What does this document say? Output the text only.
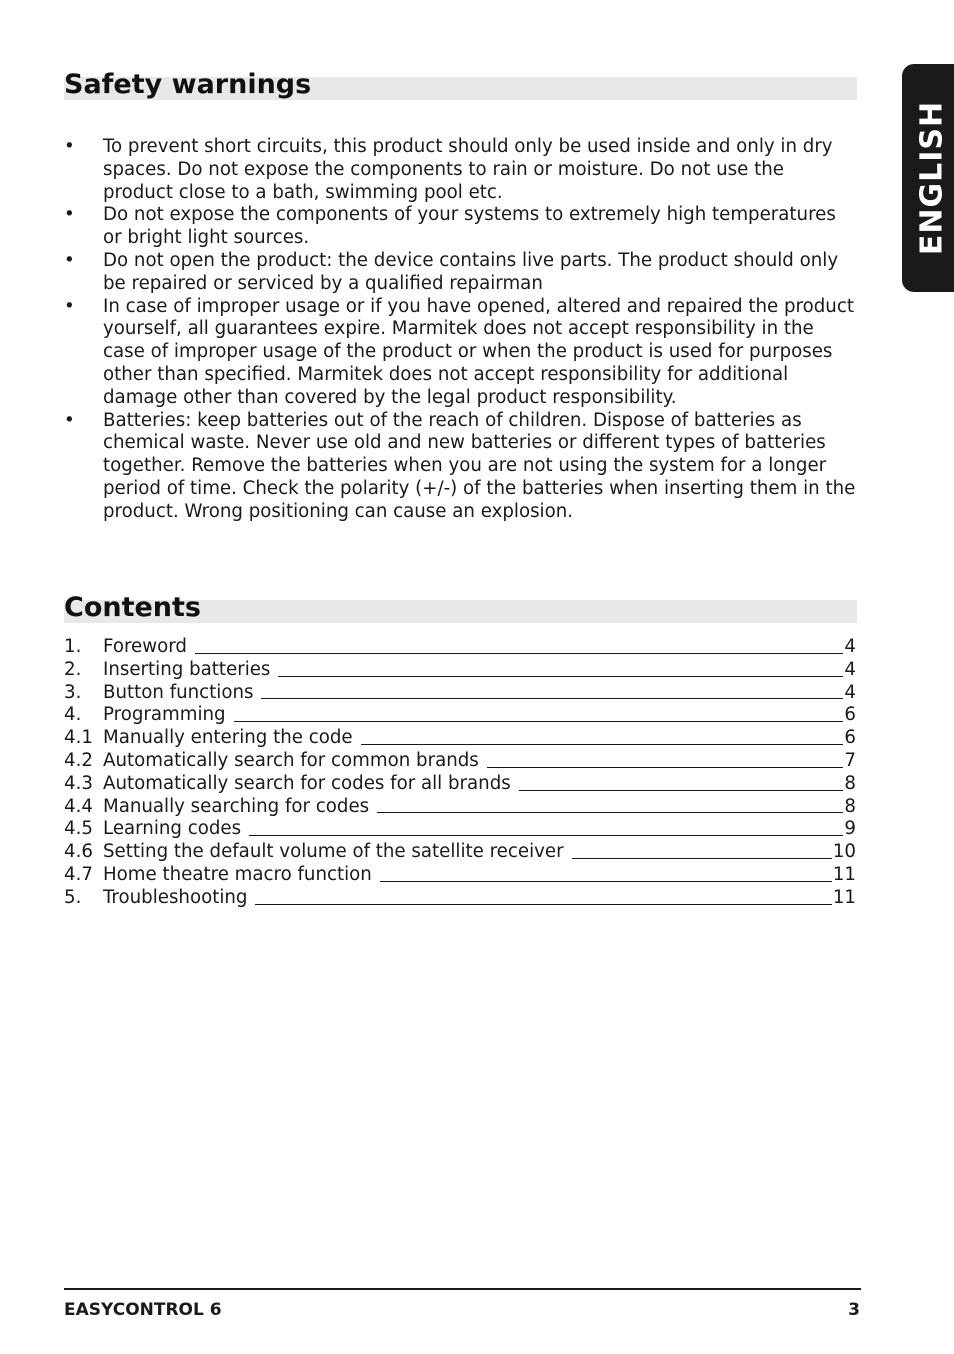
ENGLISH
Safety warnings
• To prevent short circuits, this product should only be used inside and only in dry spaces. Do not expose the components to rain or moisture. Do not use the product close to a bath, swimming pool etc.
• Do not expose the components of your systems to extremely high temperatures or bright light sources.
• Do not open the product: the device contains live parts. The product should only be repaired or serviced by a qualified repairman
• In case of improper usage or if you have opened, altered and repaired the product yourself, all guarantees expire. Marmitek does not accept responsibility in the case of improper usage of the product or when the product is used for purposes other than specified. Marmitek does not accept responsibility for additional damage other than covered by the legal product responsibility.
• Batteries: keep batteries out of the reach of children. Dispose of batteries as chemical waste. Never use old and new batteries or different types of batteries together. Remove the batteries when you are not using the system for a longer period of time. Check the polarity (+/-) of the batteries when inserting them in the product. Wrong positioning can cause an explosion.
Contents
1.	Foreword	4
2.	Inserting batteries	4
3.	Button functions	4
4.	Programming	6
4.1 Manually entering the code	6
4.2 Automatically search for common brands	7
4.3 Automatically search for codes for all brands	8
4.4 Manually searching for codes	8
4.5 Learning codes	9
4.6 Setting the default volume of the satellite receiver	10
4.7 Home theatre macro function	11
5.	Troubleshooting	11
EASYCONTROL 6	3
